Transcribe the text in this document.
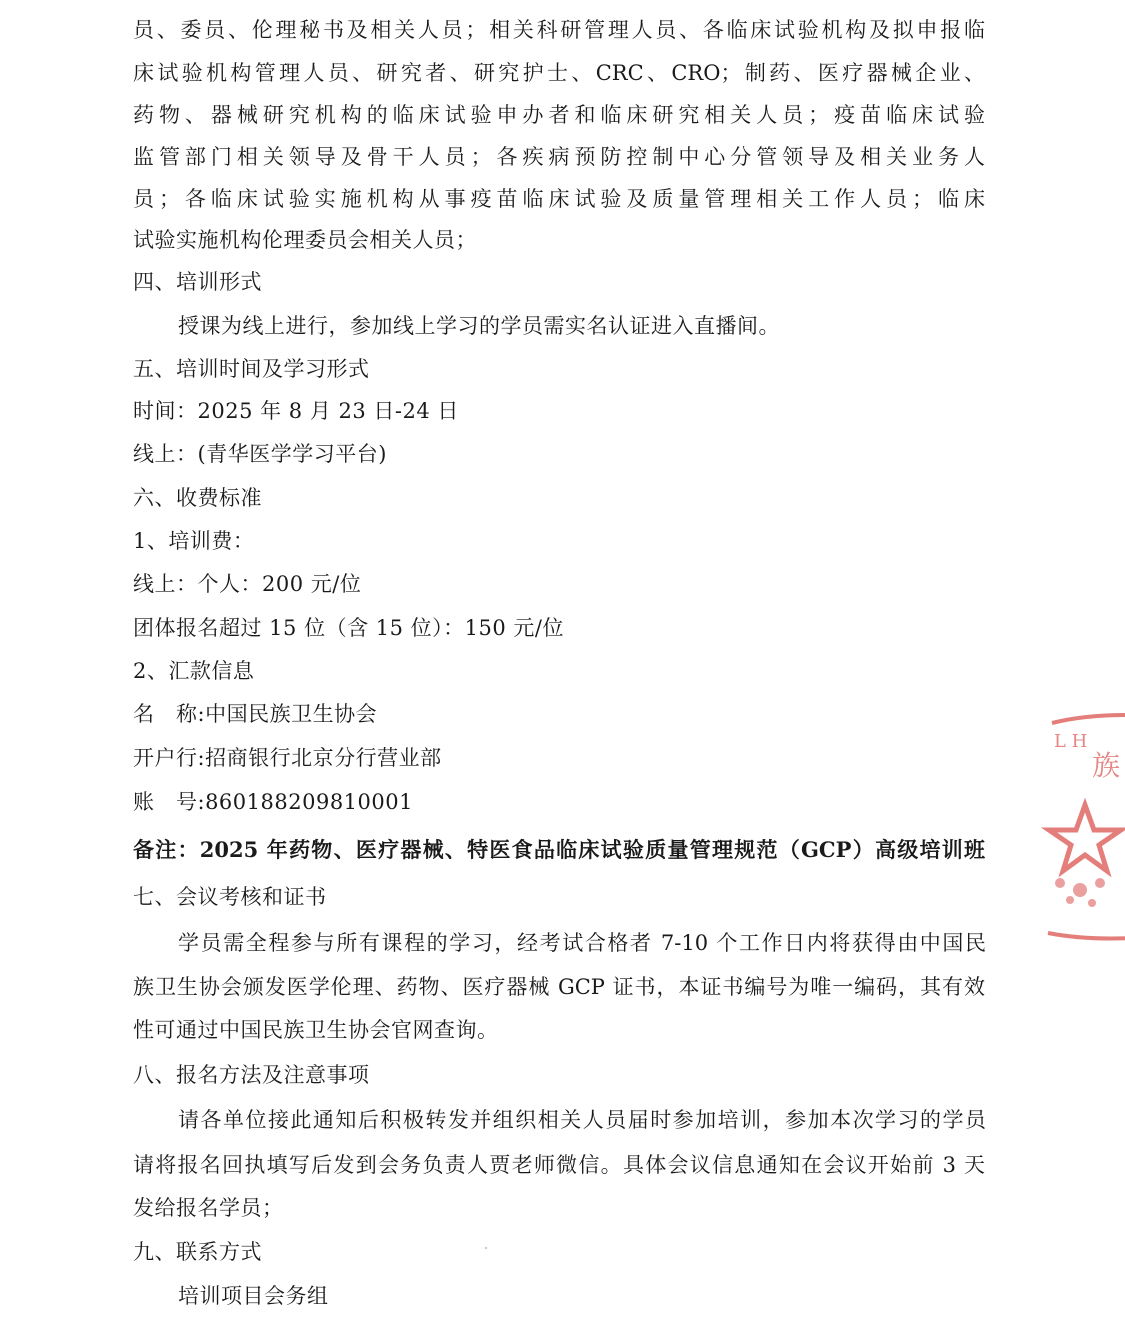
员、委员、伦理秘书及相关人员；相关科研管理人员、各临床试验机构及拟申报临
床试验机构管理人员、研究者、研究护士、CRC、CRO；制药、医疗器械企业、
药物、器械研究机构的临床试验申办者和临床研究相关人员；疫苗临床试验
监管部门相关领导及骨干人员；各疾病预防控制中心分管领导及相关业务人
员；各临床试验实施机构从事疫苗临床试验及质量管理相关工作人员；临床
试验实施机构伦理委员会相关人员；
四、培训形式
授课为线上进行，参加线上学习的学员需实名认证进入直播间。
五、培训时间及学习形式
时间：2025 年 8 月 23 日-24 日
线上：(青华医学学习平台)
六、收费标准
1、培训费：
线上：个人：200 元/位
团体报名超过 15 位（含 15 位）：150 元/位
2、汇款信息
名　称:中国民族卫生协会
开户行:招商银行北京分行营业部
账　号:860188209810001
备注：2025 年药物、医疗器械、特医食品临床试验质量管理规范（GCP）高级培训班
七、会议考核和证书
学员需全程参与所有课程的学习，经考试合格者 7-10 个工作日内将获得由中国民
族卫生协会颁发医学伦理、药物、医疗器械 GCP 证书，本证书编号为唯一编码，其有效
性可通过中国民族卫生协会官网查询。
八、报名方法及注意事项
请各单位接此通知后积极转发并组织相关人员届时参加培训，参加本次学习的学员
请将报名回执填写后发到会务负责人贾老师微信。具体会议信息通知在会议开始前 3 天
发给报名学员；
九、联系方式
培训项目会务组
L H
族
